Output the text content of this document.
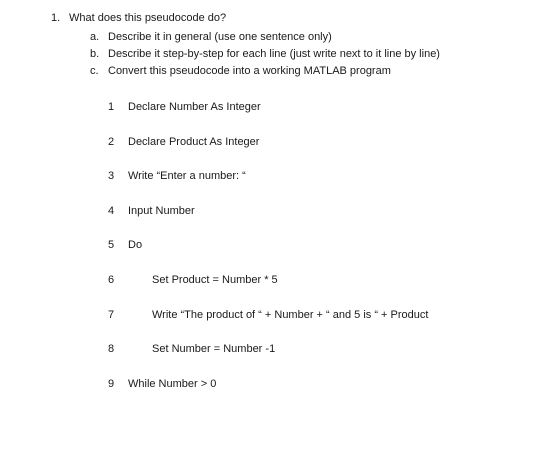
1. What does this pseudocode do?
a. Describe it in general (use one sentence only)
b. Describe it step-by-step for each line (just write next to it line by line)
c. Convert this pseudocode into a working MATLAB program
1 Declare Number As Integer
2 Declare Product As Integer
3 Write “Enter a number: “
4 Input Number
5 Do
6	Set Product = Number * 5
7	Write “The product of “ + Number + “ and 5 is “ + Product
8	Set Number = Number -1
9 While Number > 0
